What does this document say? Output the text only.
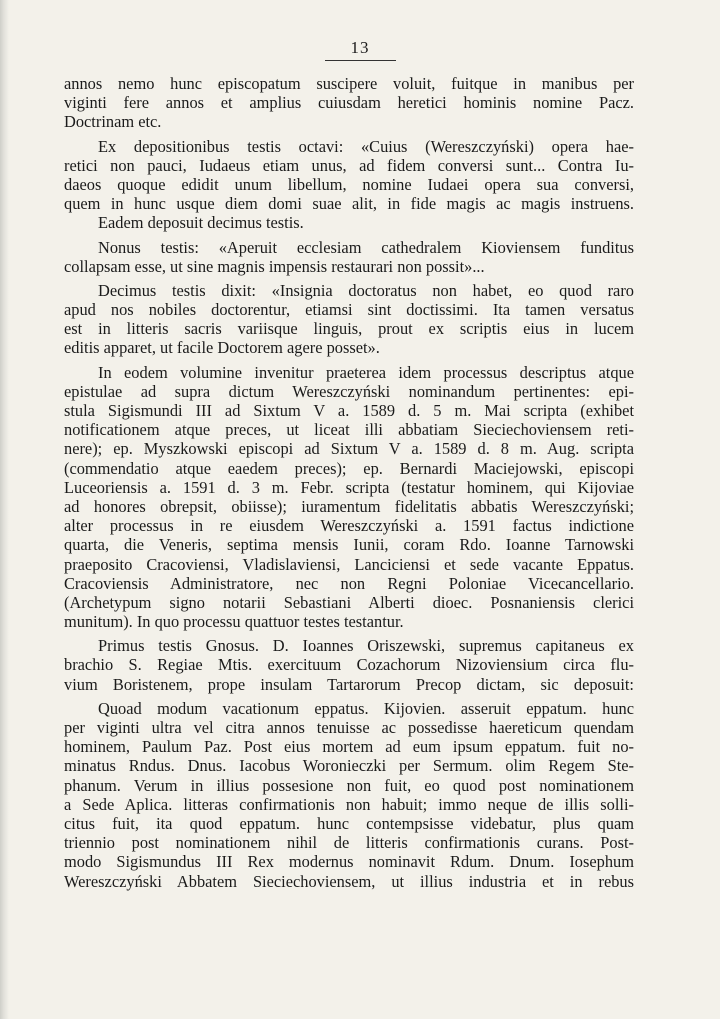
13
annos nemo hunc episcopatum suscipere voluit, fuitque in manibus per
viginti fere annos et amplius cuiusdam heretici hominis nomine Pacz.
Doctrinam etc.
Ex depositionibus testis octavi: «Cuius (Wereszczyński) opera hae-
retici non pauci, Iudaeus etiam unus, ad fidem conversi sunt... Contra Iu-
daeos quoque edidit unum libellum, nomine Iudaei opera sua conversi,
quem in hunc usque diem domi suae alit, in fide magis ac magis instruens.
Eadem deposuit decimus testis.
Nonus testis: «Aperuit ecclesiam cathedralem Kioviensem funditus
collapsam esse, ut sine magnis impensis restaurari non possit»...
Decimus testis dixit: «Insignia doctoratus non habet, eo quod raro
apud nos nobiles doctorentur, etiamsi sint doctissimi. Ita tamen versatus
est in litteris sacris variisque linguis, prout ex scriptis eius in lucem
editis apparet, ut facile Doctorem agere posset».
In eodem volumine invenitur praeterea idem processus descriptus atque
epistulae ad supra dictum Wereszczyński nominandum pertinentes: epi-
stula Sigismundi III ad Sixtum V a. 1589 d. 5 m. Mai scripta (exhibet
notificationem atque preces, ut liceat illi abbatiam Sieciechoviensem reti-
nere); ep. Myszkowski episcopi ad Sixtum V a. 1589 d. 8 m. Aug. scripta
(commendatio atque eaedem preces); ep. Bernardi Maciejowski, episcopi
Luceoriensis a. 1591 d. 3 m. Febr. scripta (testatur hominem, qui Kijoviae
ad honores obrepsit, obiisse); iuramentum fidelitatis abbatis Wereszczyński;
alter processus in re eiusdem Wereszczyński a. 1591 factus indictione
quarta, die Veneris, septima mensis Iunii, coram Rdo. Ioanne Tarnowski
praeposito Cracoviensi, Vladislaviensi, Lanciciensi et sede vacante Eppatus.
Cracoviensis Administratore, nec non Regni Poloniae Vicecancellario.
(Archetypum signo notarii Sebastiani Alberti dioec. Posnaniensis clerici
munitum). In quo processu quattuor testes testantur.
Primus testis Gnosus. D. Ioannes Oriszewski, supremus capitaneus ex
brachio S. Regiae Mtis. exercituum Cozachorum Nizoviensium circa flu-
vium Boristenem, prope insulam Tartarorum Precop dictam, sic deposuit:
Quoad modum vacationum eppatus. Kijovien. asseruit eppatum. hunc
per viginti ultra vel citra annos tenuisse ac possedisse haereticum quendam
hominem, Paulum Paz. Post eius mortem ad eum ipsum eppatum. fuit no-
minatus Rndus. Dnus. Iacobus Woronieczki per Sermum. olim Regem Ste-
phanum. Verum in illius possesione non fuit, eo quod post nominationem
a Sede Aplica. litteras confirmationis non habuit; immo neque de illis solli-
citus fuit, ita quod eppatum. hunc contempsisse videbatur, plus quam
triennio post nominationem nihil de litteris confirmationis curans. Post-
modo Sigismundus III Rex modernus nominavit Rdum. Dnum. Iosephum
Wereszczyński Abbatem Sieciechoviensem, ut illius industria et in rebus
